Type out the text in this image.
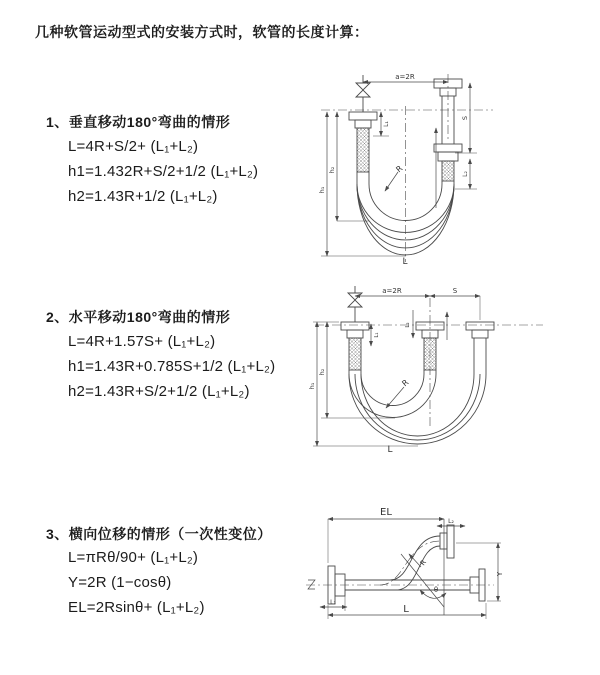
几种软管运动型式的安装方式时，软管的长度计算：
1、垂直移动180°弯曲的情形
L=4R+S/2+ (L₁+L₂)
h1=1.432R+S/2+1/2 (L₁+L₂)
h2=1.43R+1/2 (L₁+L₂)
2、水平移动180°弯曲的情形
L=4R+1.57S+ (L₁+L₂)
h1=1.43R+0.785S+1/2 (L₁+L₂)
h2=1.43R+S/2+1/2 (L₁+L₂)
3、横向位移的情形（一次性变位）
L=πRθ/90+ (L₁+L₂)
Y=2R (1−cosθ)
EL=2Rsinθ+ (L₁+L₂)
a=2R
h₁
h₂
L₁
S
L₂
R
L
a=2R	S
h₁
h₂
L₁
L₂
R
L
EL
L₂
Y
R
θ
L
L₁
